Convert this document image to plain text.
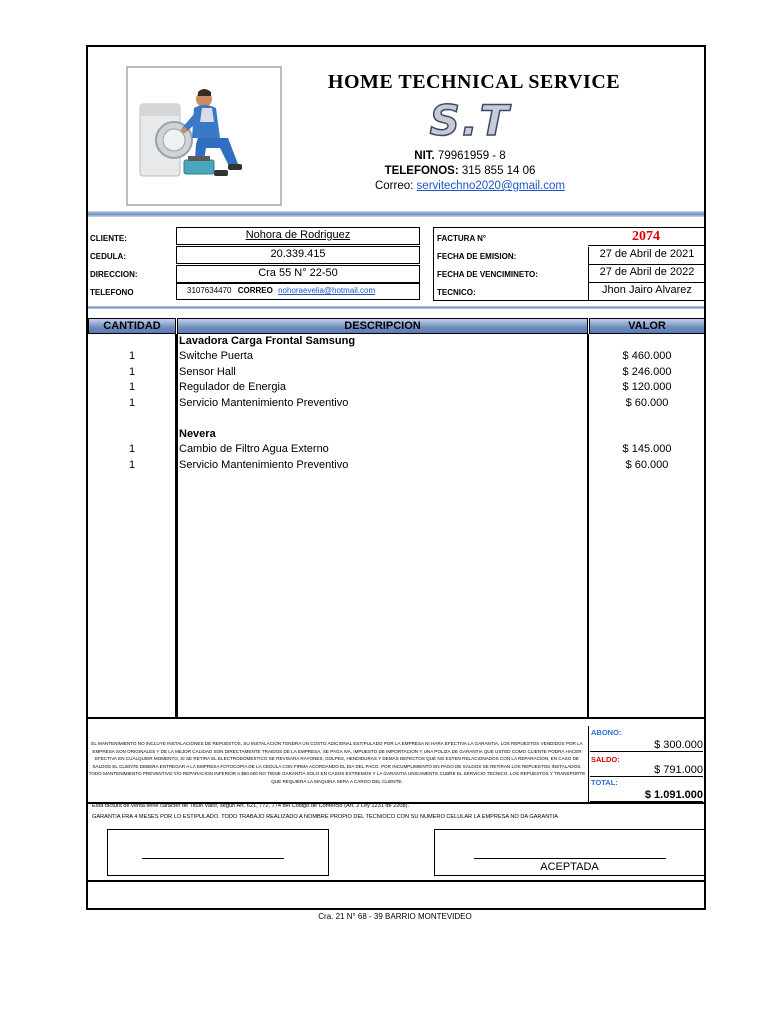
HOME TECHNICAL SERVICE
S.T
NIT. 79961959 - 8
TELEFONOS: 315 855 14 06
Correo: servitechno2020@gmail.com
CLIENTE:	Nohora de Rodriguez
CEDULA:	20.339.415
DIRECCION:	Cra 55 N° 22-50
TELEFONO	3107634470 CORREO nohoraevelia@hotmail.com
FACTURA N°	2074
FECHA DE EMISION:	27 de Abril de 2021
FECHA DE VENCIMINETO:	27 de Abril de 2022
TECNICO:	Jhon Jairo Alvarez
CANTIDAD	DESCRIPCION	VALOR
Lavadora Carga Frontal Samsung
1	Switche Puerta	$ 460.000
1	Sensor Hall	$ 246.000
1	Regulador de Energia	$ 120.000
1	Servicio Mantenimiento Preventivo	$ 60.000
Nevera
1	Cambio de Filtro Agua Externo	$ 145.000
1	Servicio Mantenimiento Preventivo	$ 60.000
EL MANTENIMIENTO NO INCLUYE INSTALACIONES DE REPUESTOS, SU INSTALACION TENDRA UN COSTO ADICIONAL ESTIPULADO POR LA EMPRESA NI HARA EFECTIVA LA GARANTIA, LOS REPUESTOS VENDIDOS POR LA EMPRESA SON ORIGINALES Y DE LA MEJOR CALIDAD SON DIRECTAMENTE TRAIDOS DE LA EMPRESA, SE PAGA IVA, IMPUESTO DE IMPORTACION Y UNA POLIZA DE GARANTIA QUE USTED COMO CLIENTE PODRA HACER EFECTIVA EN CUALQUIER MOMENTO, SI SE RETIRA EL ELECTRODOMESTICO SE REVISARA RAYONES, GOLPES, HENDIDURAS Y DEMAS DEFECTOS QUE NO ESTEN RELACIONADOS CON LA REPARACION, EN CASO DE SALDOS EL CLIENTE DEBERA ENTREGAR A LA EMPRESA FOTOCOPIA DE LA CEDULA CON FIRMA ACORDANDO EL DIA DEL PAGO. POR INCUMPLIMIENTO EN PAGO DE SALDOS SE RETIRAN LOS REPUESTOS INSTALADOS. TODO MANTENIMIENTO PREVENTIVO Y/O REPARACION INFERIOR A $50.000 NO TIENE GARANTIA SOLO EN CASOS EXTREMOS Y LA GARANTIA UNICAMENTE CUBRE EL SERVICIO TECNICO, LOS REPUESTOS Y TRANSPORTE QUE REQUIERA LA MAQUINA SERA A CARGO DEL CLIENTE.
ABONO:
$ 300.000
SALDO:
$ 791.000
TOTAL:
$ 1.091.000
Esta factura de venta tiene caracter de Titulo Valor, según Art. 621, 772, 774 del Codigo de Comercio (Art. 2 Ley 1231 de 2208).
GARANTIA FRA 4 MESES POR LO ESTIPULADO. TODO TRABAJO REALIZADO A NOMBRE PROPIO DEL TECNIOCO CON SU NUMERO CELULAR LA EMPRESA NO DA GARANTIA
ACEPTADA
Cra. 21 N° 68 - 39 BARRIO MONTEVIDEO
